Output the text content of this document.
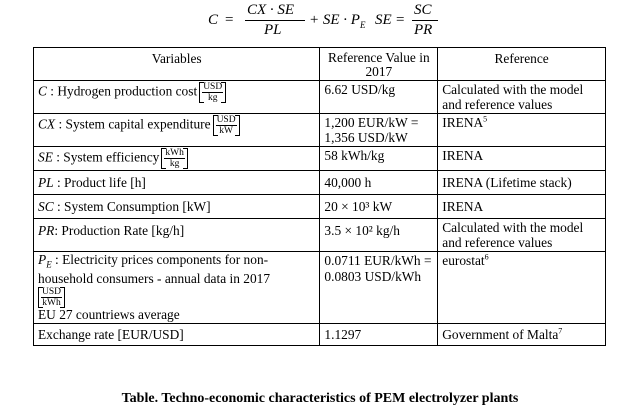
C =
CX · SE
PL
+ SE · $P_E$ SE =
SC
PR
Variables	Reference Value in 2017	Reference
C : Hydrogen production cost $\frac{\text{USD}}{kg}$	6.62 USD/kg	Calculated with the model and reference values
CX : System capital expenditure $\frac{\text{USD}}{kW}$	1,200 EUR/kW = 1,356 USD/kW	IRENA$^5$
SE : System efficiency $\frac{\text{kWh}}{kg}$	58 kWh/kg	IRENA
PL : Product life [h]	40,000 h	IRENA (Lifetime stack)
SC : System Consumption [kW]	20 × 10³ kW	IRENA
PR: Production Rate [kg/h]	3.5 × 10² kg/h	Calculated with the model and reference values
$P_E$ : Electricity prices components for non-household consumers - annual data in 2017

$\frac{\text{USD}}{\text{kWh}}$

EU 27 countriews average	0.0711 EUR/kWh = 0.0803 USD/kWh	eurostat$^6$
Exchange rate [EUR/USD]	1.1297	Government of Malta$^7$
Table. Techno-economic characteristics of PEM electrolyzer plants
